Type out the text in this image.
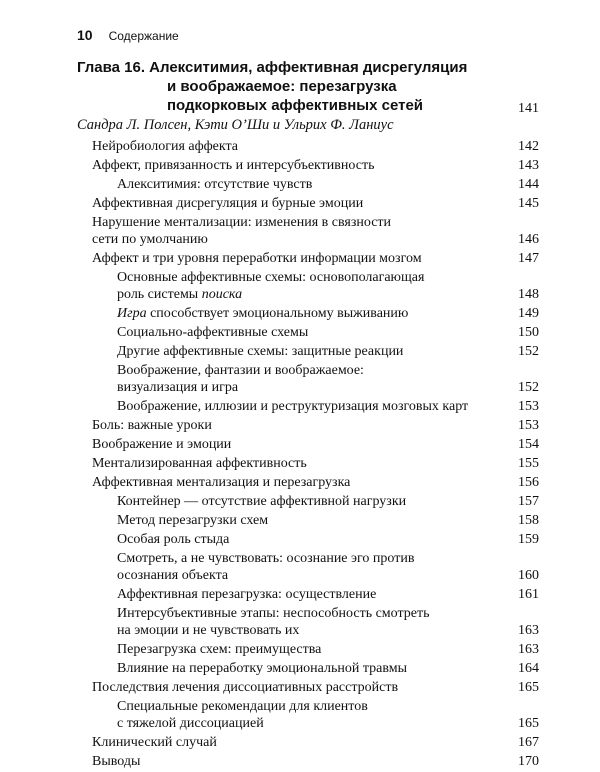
10 Содержание
Глава 16. Алекситимия, аффективная дисрегуляция
и воображаемое: перезагрузка
подкорковых аффективных сетей	141
Сандра Л. Полсен, Кэти О’Ши и Ульрих Ф. Ланиус
Нейробиология аффекта	142
Аффект, привязанность и интерсубъективность	143
Алекситимия: отсутствие чувств	144
Аффективная дисрегуляция и бурные эмоции	145
Нарушение ментализации: изменения в связности
сети по умолчанию	146
Аффект и три уровня переработки информации мозгом	147
Основные аффективные схемы: основополагающая
роль системы поиска	148
Игра способствует эмоциональному выживанию	149
Социально-аффективные схемы	150
Другие аффективные схемы: защитные реакции	152
Воображение, фантазии и воображаемое:
визуализация и игра	152
Воображение, иллюзии и реструктуризация мозговых карт	153
Боль: важные уроки	153
Воображение и эмоции	154
Ментализированная аффективность	155
Аффективная ментализация и перезагрузка	156
Контейнер — отсутствие аффективной нагрузки	157
Метод перезагрузки схем	158
Особая роль стыда	159
Смотреть, а не чувствовать: осознание эго против
осознания объекта	160
Аффективная перезагрузка: осуществление	161
Интерсубъективные этапы: неспособность смотреть
на эмоции и не чувствовать их	163
Перезагрузка схем: преимущества	163
Влияние на переработку эмоциональной травмы	164
Последствия лечения диссоциативных расстройств	165
Специальные рекомендации для клиентов
с тяжелой диссоциацией	165
Клинический случай	167
Выводы	170
